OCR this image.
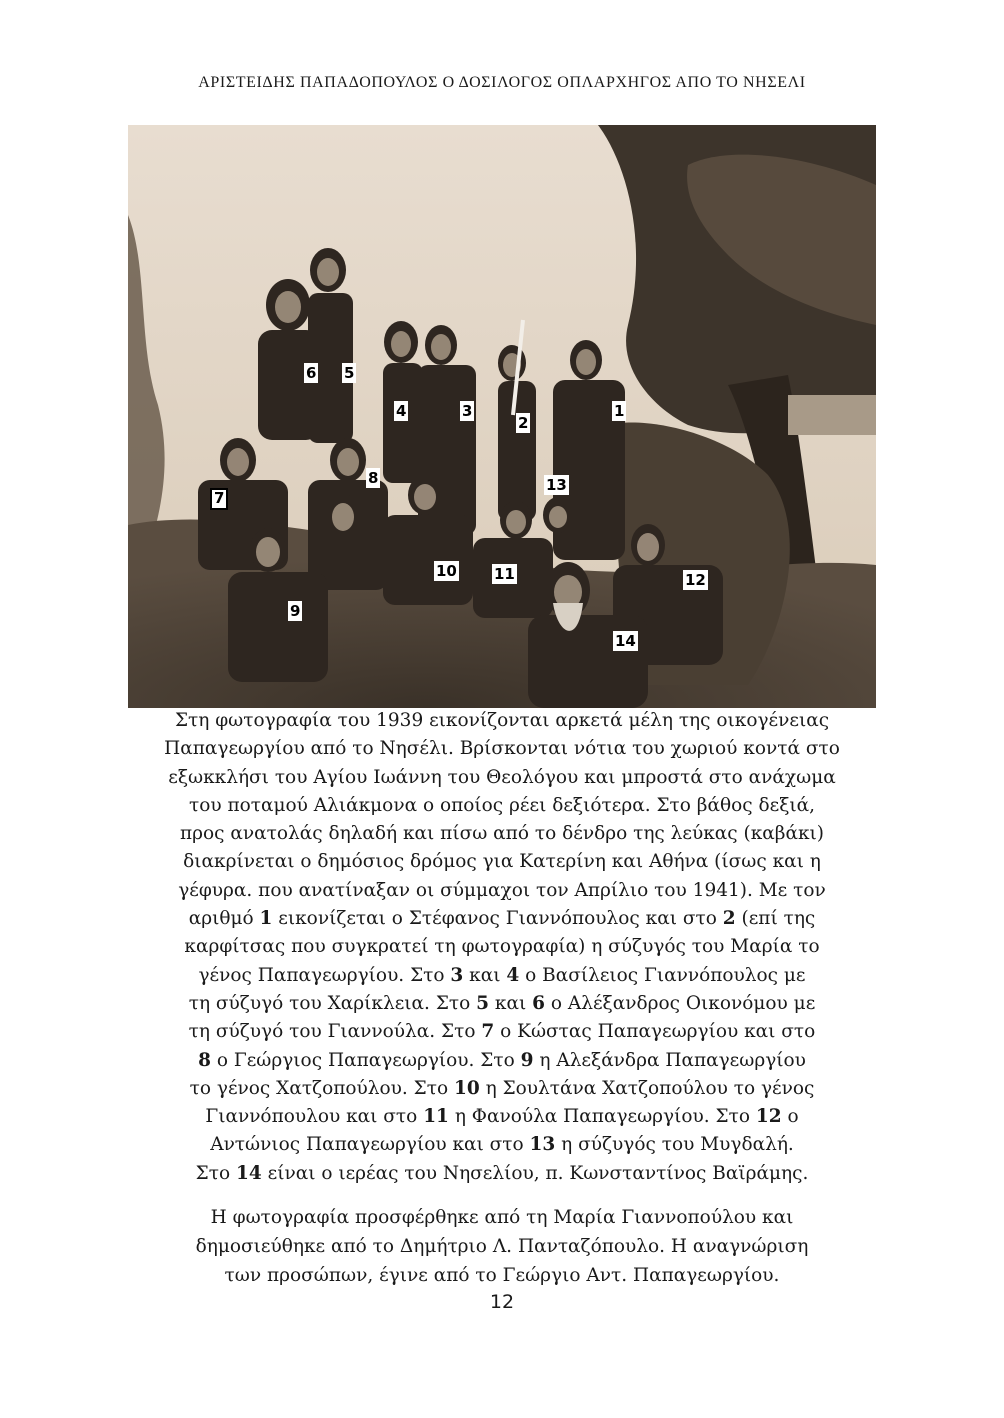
ΑΡΙΣΤΕΙΔΗΣ ΠΑΠΑΔΟΠΟΥΛΟΣ Ο ΔΟΣΙΛΟΓΟΣ ΟΠΛΑΡΧΗΓΟΣ ΑΠΟ ΤΟ ΝΗΣΕΛΙ
1
2
3
4
5
6
7
8
9
10 11	12
13
14

Στη φωτογραφία του 1939 εικονίζονται αρκετά μέλη της οικογένειας

Παπαγεωργίου από το Νησέλι. Βρίσκονται νότια του χωριού κοντά στο

εξωκκλήσι του Αγίου Ιωάννη του Θεολόγου και μπροστά στο ανάχωμα

του ποταμού Αλιάκμονα ο οποίος ρέει δεξιότερα. Στο βάθος δεξιά,

προς ανατολάς δηλαδή και πίσω από το δένδρο της λεύκας (καβάκι)

διακρίνεται ο δημόσιος δρόμος για Κατερίνη και Αθήνα (ίσως και η

γέφυρα. που ανατίναξαν οι σύμμαχοι τον Απρίλιο του 1941). Με τον

αριθμό 1 εικονίζεται ο Στέφανος Γιαννόπουλος και στο 2 (επί της

καρφίτσας που συγκρατεί τη φωτογραφία) η σύζυγός του Μαρία το

γένος Παπαγεωργίου. Στο 3 και 4 ο Βασίλειος Γιαννόπουλος με

τη σύζυγό του Χαρίκλεια. Στο 5 και 6 ο Αλέξανδρος Οικονόμου με

τη σύζυγό του Γιαννούλα. Στο 7 ο Κώστας Παπαγεωργίου και στο

8 ο Γεώργιος Παπαγεωργίου. Στο 9 η Αλεξάνδρα Παπαγεωργίου

το γένος Χατζοπούλου. Στο 10 η Σουλτάνα Χατζοπούλου το γένος

Γιαννόπουλου και στο 11 η Φανούλα Παπαγεωργίου. Στο 12 ο

Αντώνιος Παπαγεωργίου και στο 13 η σύζυγός του Μυγδαλή.

Στο 14 είναι ο ιερέας του Νησελίου, π. Κωνσταντίνος Βαϊράμης.

Η φωτογραφία προσφέρθηκε από τη Μαρία Γιαννοπούλου και

δημοσιεύθηκε από το Δημήτριο Λ. Πανταζόπουλο. Η αναγνώριση

των προσώπων, έγινε από το Γεώργιο Αντ. Παπαγεωργίου.

12
